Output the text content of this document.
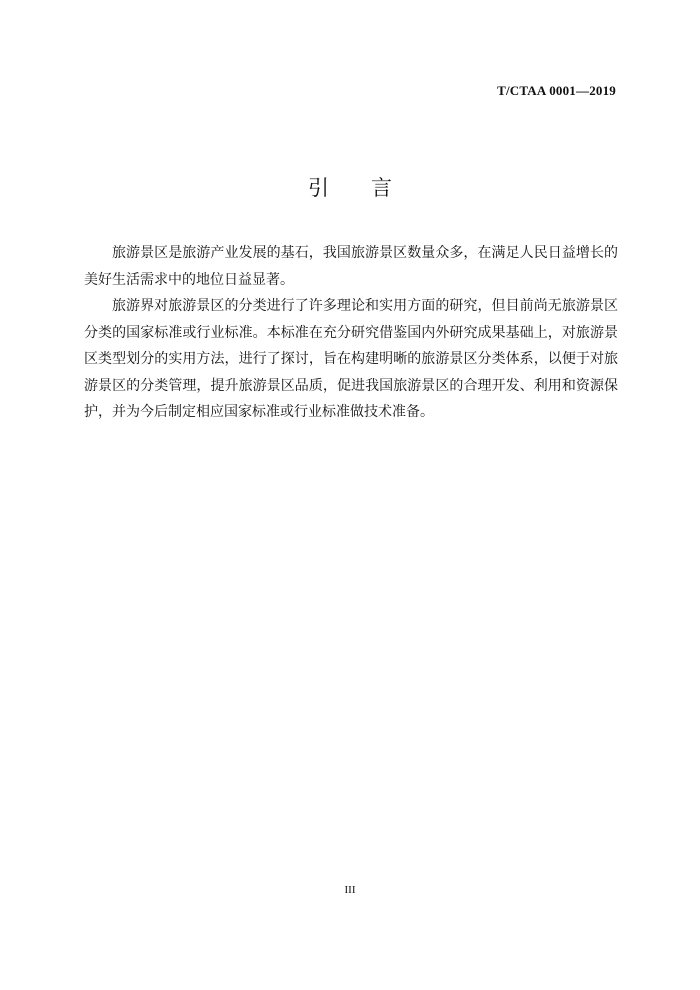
T/CTAA 0001—2019
引 言

旅游景区是旅游产业发展的基石，我国旅游景区数量众多，在满足人民日益增长的美好生活需求中的地位日益显著。

旅游界对旅游景区的分类进行了许多理论和实用方面的研究，但目前尚无旅游景区分类的国家标准或行业标准。本标准在充分研究借鉴国内外研究成果基础上，对旅游景区类型划分的实用方法，进行了探讨，旨在构建明晰的旅游景区分类体系，以便于对旅游景区的分类管理，提升旅游景区品质，促进我国旅游景区的合理开发、利用和资源保护，并为今后制定相应国家标准或行业标准做技术准备。

III
